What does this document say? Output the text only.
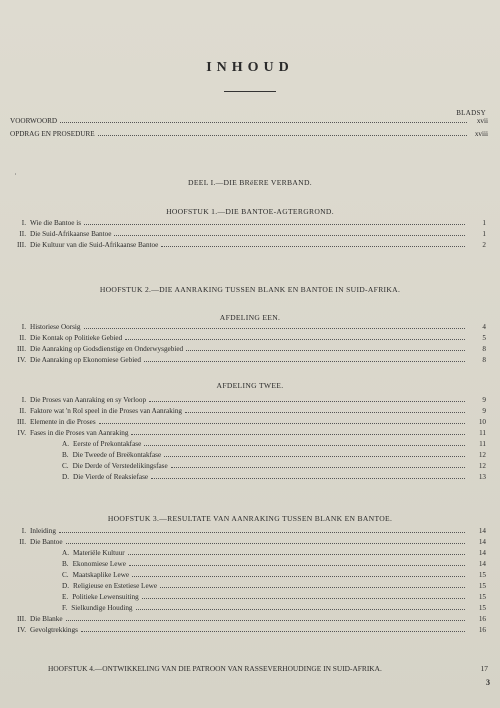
INHOUD
BLADSY
VOORWOORD	xvii
OPDRAG EN PROSEDURE	xviii
˙
DEEL I.—DIE BRëERE VERBAND.
HOOFSTUK 1.—DIE BANTOE-AGTERGROND.
I. Wie die Bantoe is	1
II. Die Suid-Afrikaanse Bantoe	1
III. Die Kultuur van die Suid-Afrikaanse Bantoe	2
HOOFSTUK 2.—DIE AANRAKING TUSSEN BLANK EN BANTOE IN SUID-AFRIKA.
AFDELING EEN.
I. Historiese Oorsig	4
II. Die Kontak op Politieke Gebied	5
III. Die Aanraking op Godsdienstige en Onderwysgebied	8
IV. Die Aanraking op Ekonomiese Gebied	8
AFDELING TWEE.
I. Die Proses van Aanraking en sy Verloop	9
II. Faktore wat 'n Rol speel in die Proses van Aanraking	9
III. Elemente in die Proses	10
IV. Fases in die Proses van Aanraking	11
A. Eerste of Prekontakfase	11
B. Die Tweede of Breëkontakfase	12
C. Die Derde of Verstedelikingsfase	12
D. Die Vierde of Reaksiefase	13
HOOFSTUK 3.—RESULTATE VAN AANRAKING TUSSEN BLANK EN BANTOE.
I. Inleiding	14
II. Die Bantoe	14
A. Materiële Kultuur	14
B. Ekonomiese Lewe	14
C. Maatskaplike Lewe	15
D. Religieuse en Estetiese Lewe	15
E. Politieke Lewensuiting	15
F. Sielkundige Houding	15
III. Die Blanke	16
IV. Gevolgtrekkings	16
HOOFSTUK 4.—ONTWIKKELING VAN DIE PATROON VAN RASSEVERHOUDINGE IN SUID-AFRIKA.	17
3
